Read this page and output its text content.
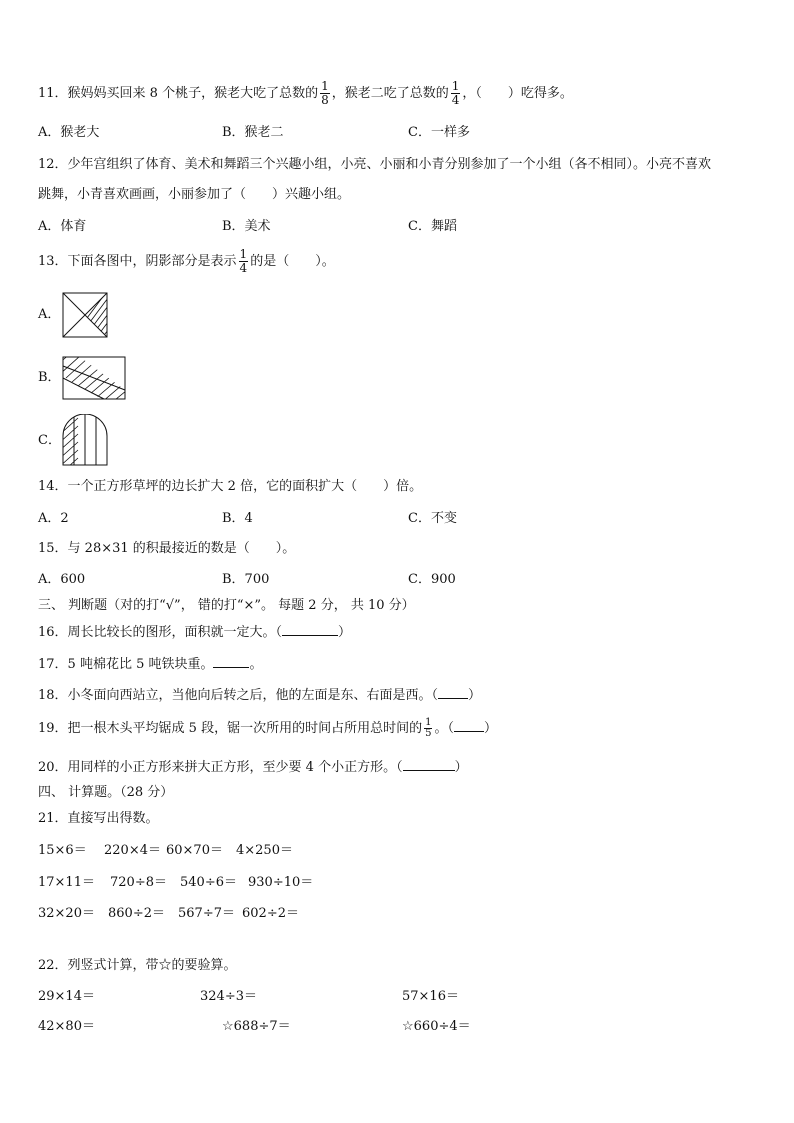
11．猴妈妈买回来 8 个桃子，猴老大吃了总数的 $\frac{1}{8}$ ，猴老二吃了总数的 $\frac{1}{4}$ ，（　　）吃得多。
A．猴老大	B．猴老二	C．一样多
12．少年宫组织了体育、美术和舞蹈三个兴趣小组，小亮、小丽和小青分别参加了一个小组（各不相同）。小亮不喜欢
跳舞，小青喜欢画画，小丽参加了（　　）兴趣小组。
A．体育	B．美术	C．舞蹈
13．下面各图中，阴影部分是表示 $\frac{1}{4}$ 的是（　　）。
A．
B．
C．
14．一个正方形草坪的边长扩大 2 倍，它的面积扩大（　　）倍。
A．2	B．4	C．不变
15．与 28×31 的积最接近的数是（　　）。
A．600	B．700	C．900
三、 判断题（对的打“√”， 错的打“×”。 每题 2 分， 共 10 分）
16．周长比较长的图形，面积就一定大。（	）
17．5 吨棉花比 5 吨铁块重。	。
18．小冬面向西站立，当他向后转之后，他的左面是东、右面是西。（ ）
19．把一根木头平均锯成 5 段，锯一次所用的时间占所用总时间的 $\frac{1}{5}$ 。（ ）
20．用同样的小正方形来拼大正方形，至少要 4 个小正方形。（	）
四、 计算题。（28 分）
21．直接写出得数。
15×6＝ 220×4＝ 60×70＝ 4×250＝
17×11＝ 720÷8＝ 540÷6＝ 930÷10＝
32×20＝ 860÷2＝ 567÷7＝ 602÷2＝
22．列竖式计算，带☆的要验算。
29×14＝	324÷3＝	57×16＝
42×80＝	☆688÷7＝	☆660÷4＝
